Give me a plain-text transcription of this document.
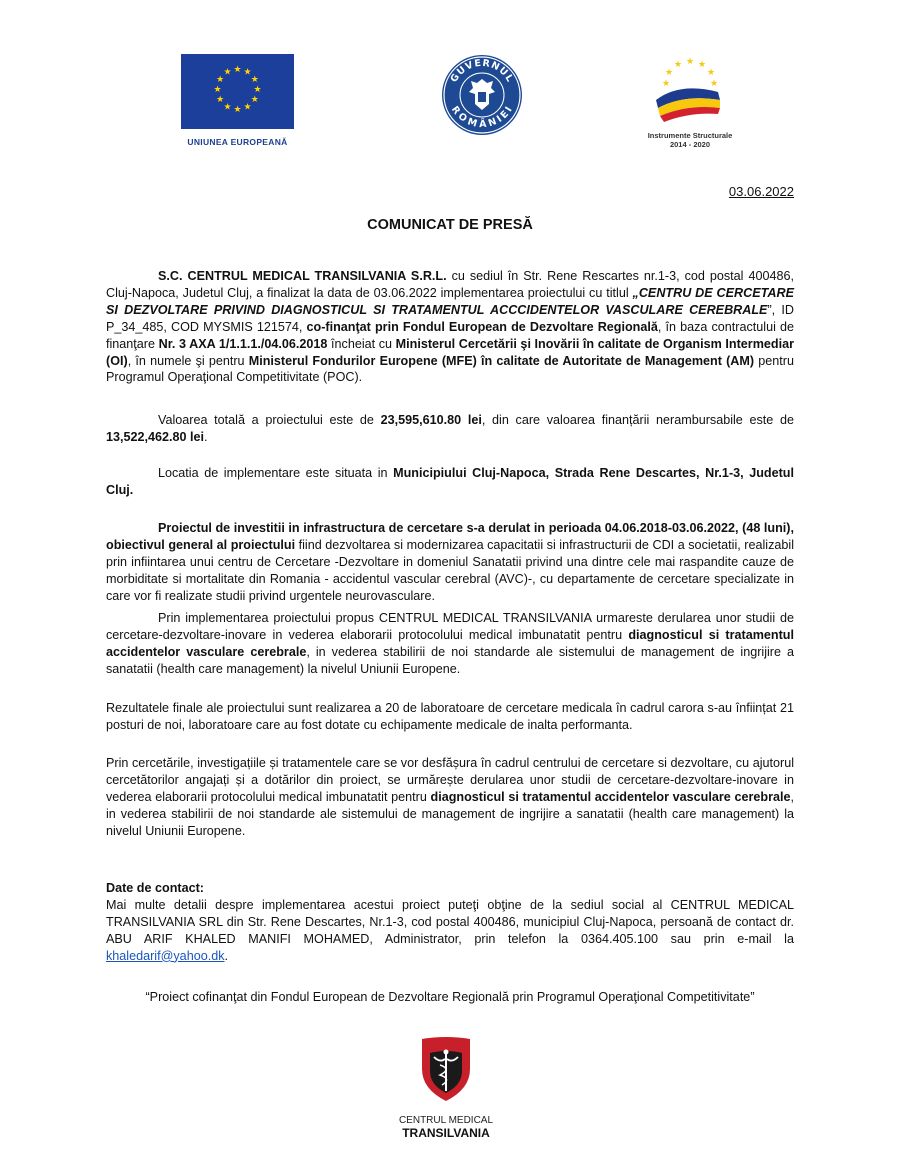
★ ★
★
★
★
★
★
★
★
★
★
★
UNIUNEA EUROPEANĂ
GUVERNUL
ROMÂNIEI
★ ★
★
★
★
★
★
Instrumente Structurale
2014 - 2020
03.06.2022
COMUNICAT DE PRESĂ
S.C. CENTRUL MEDICAL TRANSILVANIA S.R.L. cu sediul în Str. Rene Rescartes nr.1-3, cod postal 400486, Cluj-Napoca, Judetul Cluj, a finalizat la data de 03.06.2022 implementarea proiectului cu titlul „CENTRU DE CERCETARE SI DEZVOLTARE PRIVIND DIAGNOSTICUL SI TRATAMENTUL ACCCIDENTELOR VASCULARE CEREBRALE”, ID P_34_485, COD MYSMIS 121574, co-finanţat prin Fondul European de Dezvoltare Regională, în baza contractului de finanţare Nr. 3 AXA 1/1.1.1./04.06.2018 încheiat cu Ministerul Cercetării şi Inovării în calitate de Organism Intermediar (OI), în numele şi pentru Ministerul Fondurilor Europene (MFE) în calitate de Autoritate de Management (AM) pentru Programul Operaţional Competitivitate (POC).
Valoarea totală a proiectului este de 23,595,610.80 lei, din care valoarea finanțării nerambursabile este de 13,522,462.80 lei.
Locatia de implementare este situata in Municipiului Cluj-Napoca, Strada Rene Descartes, Nr.1-3, Judetul Cluj.
Proiectul de investitii in infrastructura de cercetare s-a derulat in perioada 04.06.2018-03.06.2022, (48 luni), obiectivul general al proiectului fiind dezvoltarea si modernizarea capacitatii si infrastructurii de CDI a societatii, realizabil prin infiintarea unui centru de Cercetare -Dezvoltare in domeniul Sanatatii privind una dintre cele mai raspandite cauze de morbiditate si mortalitate din Romania - accidentul vascular cerebral (AVC)-, cu departamente de cercetare specializate in care vor fi realizate studii privind urgentele neurovasculare.
Prin implementarea proiectului propus CENTRUL MEDICAL TRANSILVANIA urmareste derularea unor studii de cercetare-dezvoltare-inovare in vederea elaborarii protocolului medical imbunatatit pentru diagnosticul si tratamentul accidentelor vasculare cerebrale, in vederea stabilirii de noi standarde ale sistemului de management de ingrijire a sanatatii (health care management) la nivelul Uniunii Europene.
Rezultatele finale ale proiectului sunt realizarea a 20 de laboratoare de cercetare medicala în cadrul carora s-au înființat 21 posturi de noi, laboratoare care au fost dotate cu echipamente medicale de inalta performanta.
Prin cercetările, investigațiile și tratamentele care se vor desfășura în cadrul centrului de cercetare si dezvoltare, cu ajutorul cercetătorilor angajați și a dotărilor din proiect, se urmărește derularea unor studii de cercetare-dezvoltare-inovare in vederea elaborarii protocolului medical imbunatatit pentru diagnosticul si tratamentul accidentelor vasculare cerebrale, in vederea stabilirii de noi standarde ale sistemului de management de ingrijire a sanatatii (health care management) la nivelul Uniunii Europene.
Date de contact:
Mai multe detalii despre implementarea acestui proiect puteţi obţine de la sediul social al CENTRUL MEDICAL TRANSILVANIA SRL din Str. Rene Descartes, Nr.1-3, cod postal 400486, municipiul Cluj-Napoca, persoană de contact dr. ABU ARIF KHALED MANIFI MOHAMED, Administrator, prin telefon la 0364.405.100 sau prin e-mail la khaledarif@yahoo.dk.
“Proiect cofinanţat din Fondul European de Dezvoltare Regională prin Programul Operaţional Competitivitate”
CENTRUL MEDICAL
TRANSILVANIA
